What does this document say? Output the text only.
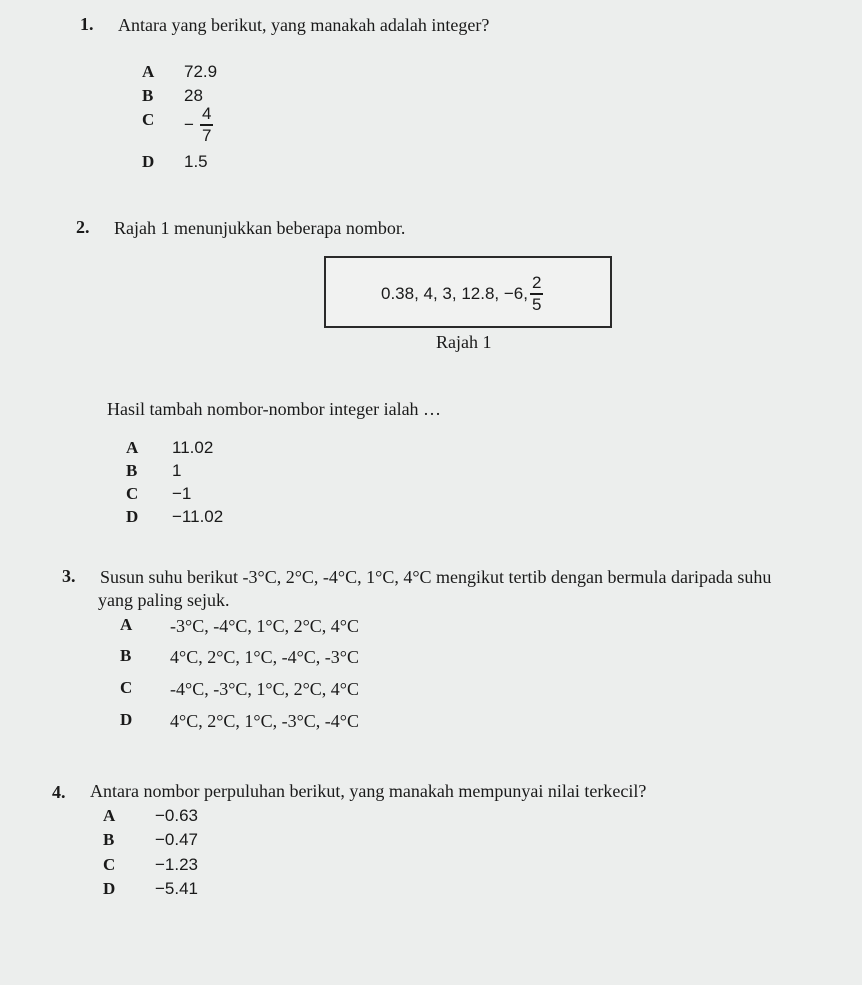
1. Antara yang berikut, yang manakah adalah integer?
A 72.9
B 28
$C - \frac{4}{7}$
D 1.5
2. Rajah 1 menunjukkan beberapa nombor.
0.38, 4, 3, 12.8, −6, $\frac{2}{5}$
Rajah 1
Hasil tambah nombor-nombor integer ialah …
A 11.02
B 1
C −1
D −11.02
3. Susun suhu berikut -3°C, 2°C, -4°C, 1°C, 4°C mengikut tertib dengan bermula daripada suhu
yang paling sejuk.
A -3°C, -4°C, 1°C, 2°C, 4°C
B 4°C, 2°C, 1°C, -4°C, -3°C
C -4°C, -3°C, 1°C, 2°C, 4°C
D 4°C, 2°C, 1°C, -3°C, -4°C
4. Antara nombor perpuluhan berikut, yang manakah mempunyai nilai terkecil?
A −0.63
B −0.47
C −1.23
D −5.41
